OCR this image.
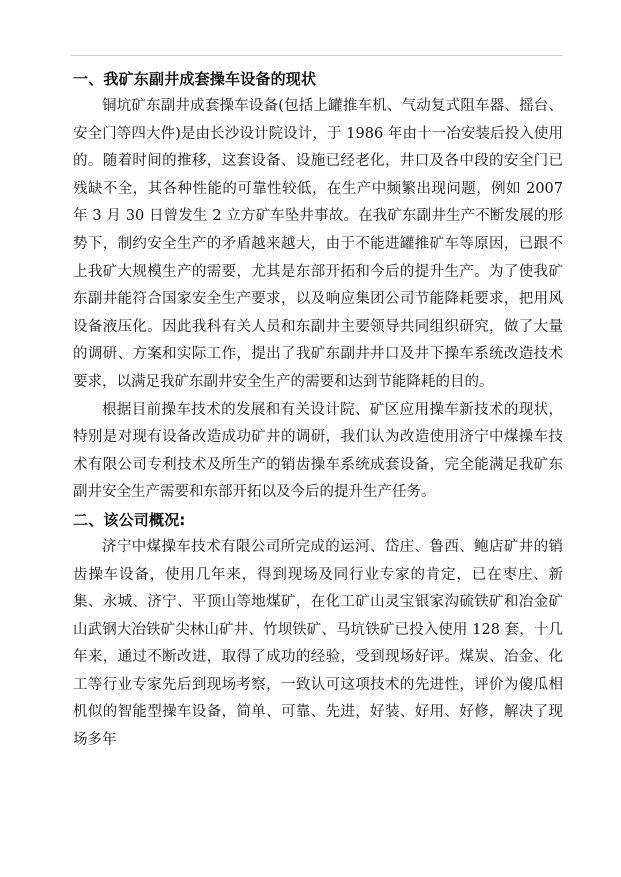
一、我矿东副井成套操车设备的现状

铜坑矿东副井成套操车设备(包括上罐推车机、气动复式阻车器、摇台、安全门等四大件)是由长沙设计院设计，于 1986 年由十一冶安装后投入使用的。随着时间的推移，这套设备、设施已经老化，井口及各中段的安全门已残缺不全，其各种性能的可靠性较低，在生产中频繁出现问题，例如 2007 年 3 月 30 日曾发生 2 立方矿车坠井事故。在我矿东副井生产不断发展的形势下，制约安全生产的矛盾越来越大，由于不能进罐推矿车等原因，已跟不上我矿大规模生产的需要，尤其是东部开拓和今后的提升生产。为了使我矿东副井能符合国家安全生产要求，以及响应集团公司节能降耗要求，把用风设备液压化。因此我科有关人员和东副井主要领导共同组织研究，做了大量的调研、方案和实际工作，提出了我矿东副井井口及井下操车系统改造技术要求，以满足我矿东副井安全生产的需要和达到节能降耗的目的。

根据目前操车技术的发展和有关设计院、矿区应用操车新技术的现状，特别是对现有设备改造成功矿井的调研，我们认为改造使用济宁中煤操车技术有限公司专利技术及所生产的销齿操车系统成套设备，完全能满足我矿东副井安全生产需要和东部开拓以及今后的提升生产任务。

二、该公司概况:

济宁中煤操车技术有限公司所完成的运河、岱庄、鲁西、鲍店矿井的销齿操车设备，使用几年来，得到现场及同行业专家的肯定，已在枣庄、新集、永城、济宁、平顶山等地煤矿，在化工矿山灵宝银家沟硫铁矿和冶金矿山武钢大冶铁矿尖林山矿井、竹坝铁矿、马坑铁矿已投入使用 128 套，十几年来，通过不断改进，取得了成功的经验，受到现场好评。煤炭、冶金、化工等行业专家先后到现场考察，一致认可这项技术的先进性，评价为傻瓜相机似的智能型操车设备，简单、可靠、先进，好装、好用、好修，解决了现场多年
